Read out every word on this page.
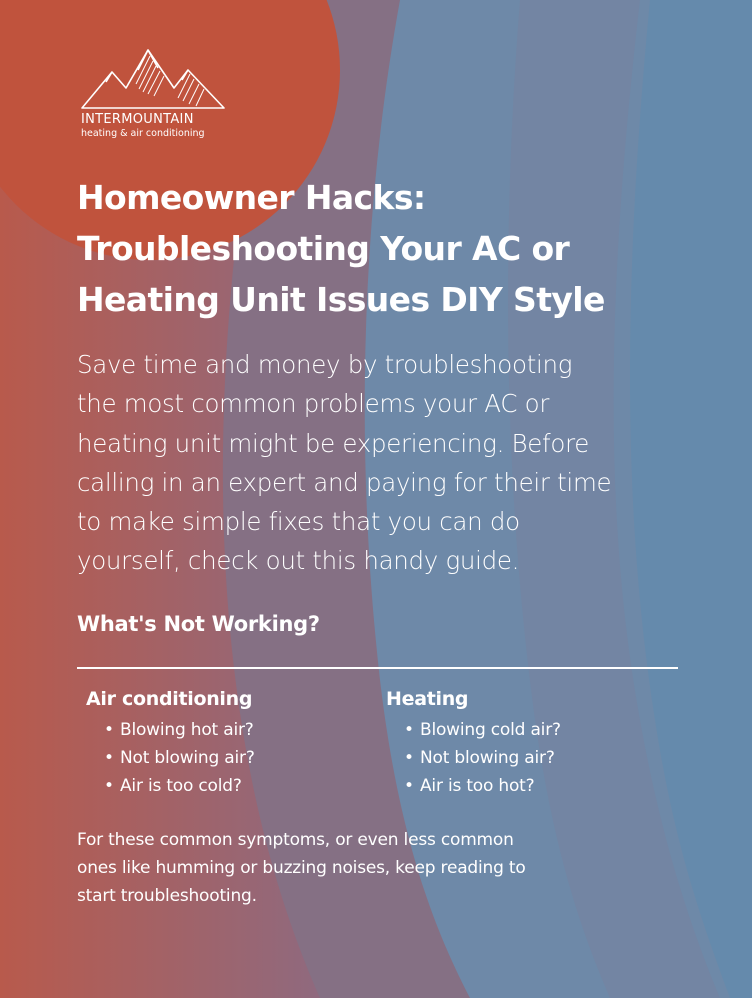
INTERMOUNTAIN
heating & air conditioning
Homeowner Hacks:
Troubleshooting Your AC or
Heating Unit Issues DIY Style
Save time and money by troubleshooting
the most common problems your AC or
heating unit might be experiencing. Before
calling in an expert and paying for their time
to make simple fixes that you can do
yourself, check out this handy guide.
What's Not Working?
Air conditioning
• Blowing hot air?
• Not blowing air?
• Air is too cold?
Heating
• Blowing cold air?
• Not blowing air?
• Air is too hot?
For these common symptoms, or even less common
ones like humming or buzzing noises, keep reading to
start troubleshooting.
